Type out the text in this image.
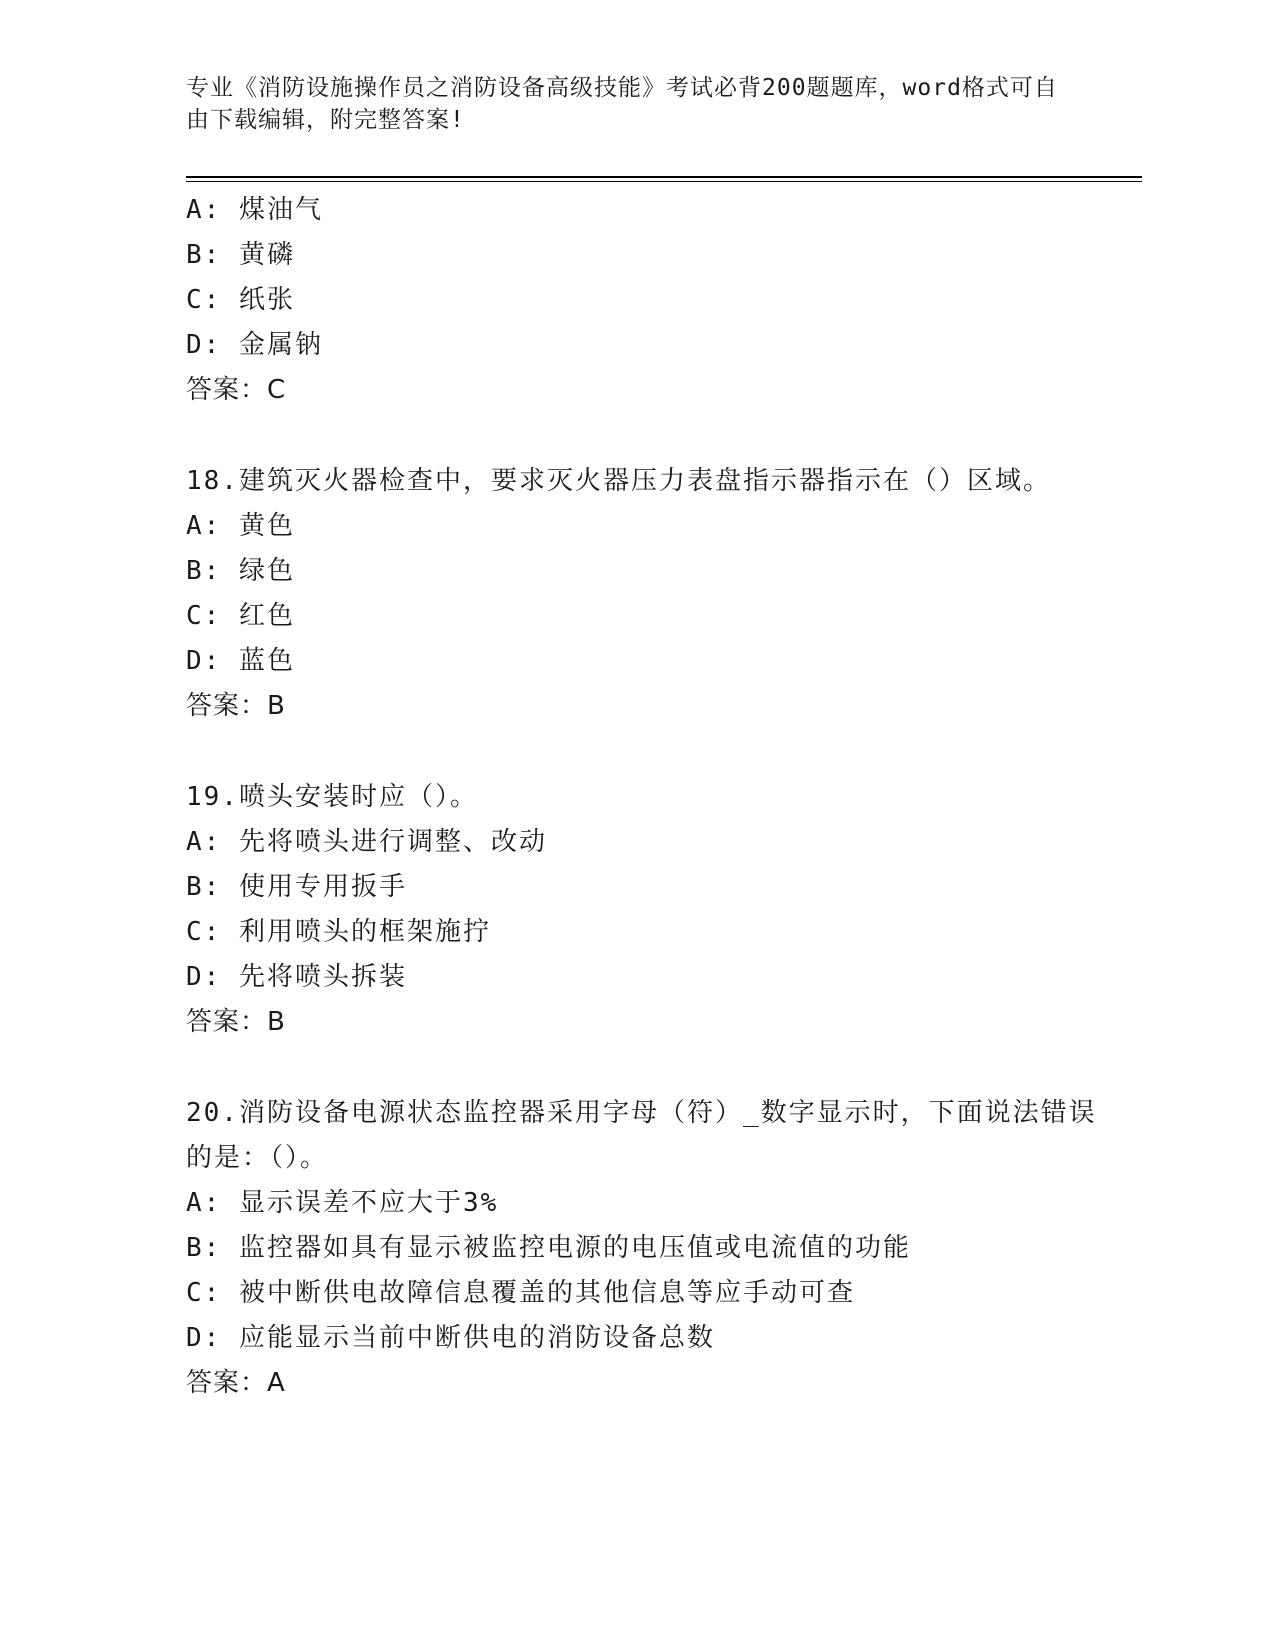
专业《消防设施操作员之消防设备高级技能》考试必背200题题库，word格式可自由下载编辑，附完整答案!
A: 煤油气
B: 黄磷
C: 纸张
D: 金属钠
答案：C
18.建筑灭火器检查中，要求灭火器压力表盘指示器指示在（）区域。
A: 黄色
B: 绿色
C: 红色
D: 蓝色
答案：B
19.喷头安装时应（）。
A: 先将喷头进行调整、改动
B: 使用专用扳手
C: 利用喷头的框架施拧
D: 先将喷头拆装
答案：B
20.消防设备电源状态监控器采用字母（符）_数字显示时，下面说法错误的是：（）。
A: 显示误差不应大于3%
B: 监控器如具有显示被监控电源的电压值或电流值的功能
C: 被中断供电故障信息覆盖的其他信息等应手动可查
D: 应能显示当前中断供电的消防设备总数
答案：A
